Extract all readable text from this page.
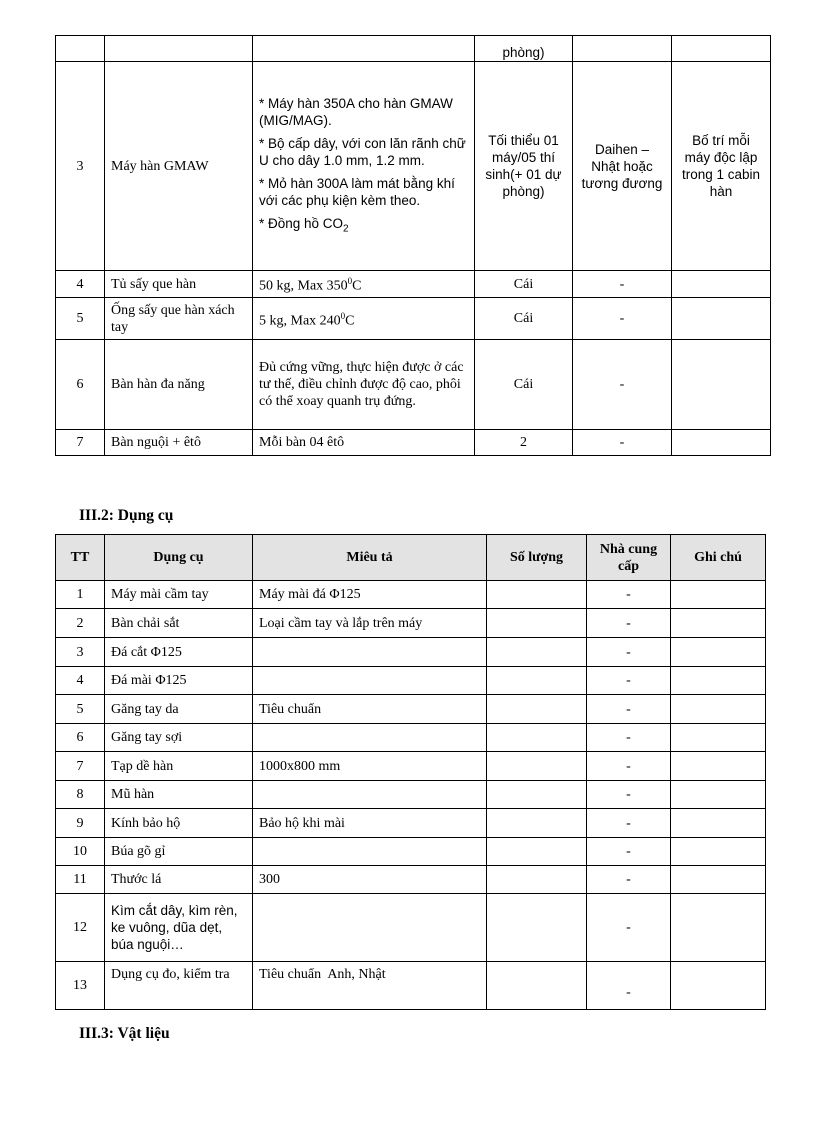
			phòng)		
3	Máy hàn GMAW	* Máy hàn 350A cho hàn GMAW (MIG/MAG).

* Bộ cấp dây, với con lăn rãnh chữ U cho dây 1.0 mm, 1.2 mm.

* Mỏ hàn 300A làm mát bằng khí với các phụ kiện kèm theo.

* Đồng hồ $CO_2$	Tối thiểu 01 máy/05 thí sinh(+ 01 dự phòng)	Daihen – Nhật hoặc tương đương	Bố trí mỗi máy độc lập trong 1 cabin hàn
4	Tủ sấy que hàn	50 kg, Max $350^0C$	Cái	-	
5	Ống sấy que hàn xách tay	5 kg, Max $240^0C$	Cái	-	
6	Bàn hàn đa năng	Đủ cứng vững, thực hiện được ở các tư thế, điều chỉnh được độ cao, phôi có thể xoay quanh trụ đứng.	Cái	-	
7	Bàn nguội + êtô	Mỗi bàn 04 êtô	2	-	
III.2: Dụng cụ
TT	Dụng cụ	Miêu tả	Số lượng	Nhà cung cấp	Ghi chú
1	Máy mài cầm tay	Máy mài đá Φ125		-	
2	Bàn chải sắt	Loại cầm tay và lắp trên máy		-	
3	Đá cắt Φ125			-	
4	Đá mài Φ125			-	
5	Găng tay da	Tiêu chuẩn		-	
6	Găng tay sợi			-	
7	Tạp dề hàn	1000x800 mm		-	
8	Mũ hàn			-	
9	Kính bảo hộ	Bảo hộ khi mài		-	
10	Búa gõ gỉ			-	
11	Thước lá	300		-	
12	Kìm cắt dây, kìm rèn, ke vuông, dũa dẹt, búa nguội…			-	
13	Dụng cụ đo, kiểm tra	Tiêu chuẩn  Anh, Nhật		-	
III.3: Vật liệu
